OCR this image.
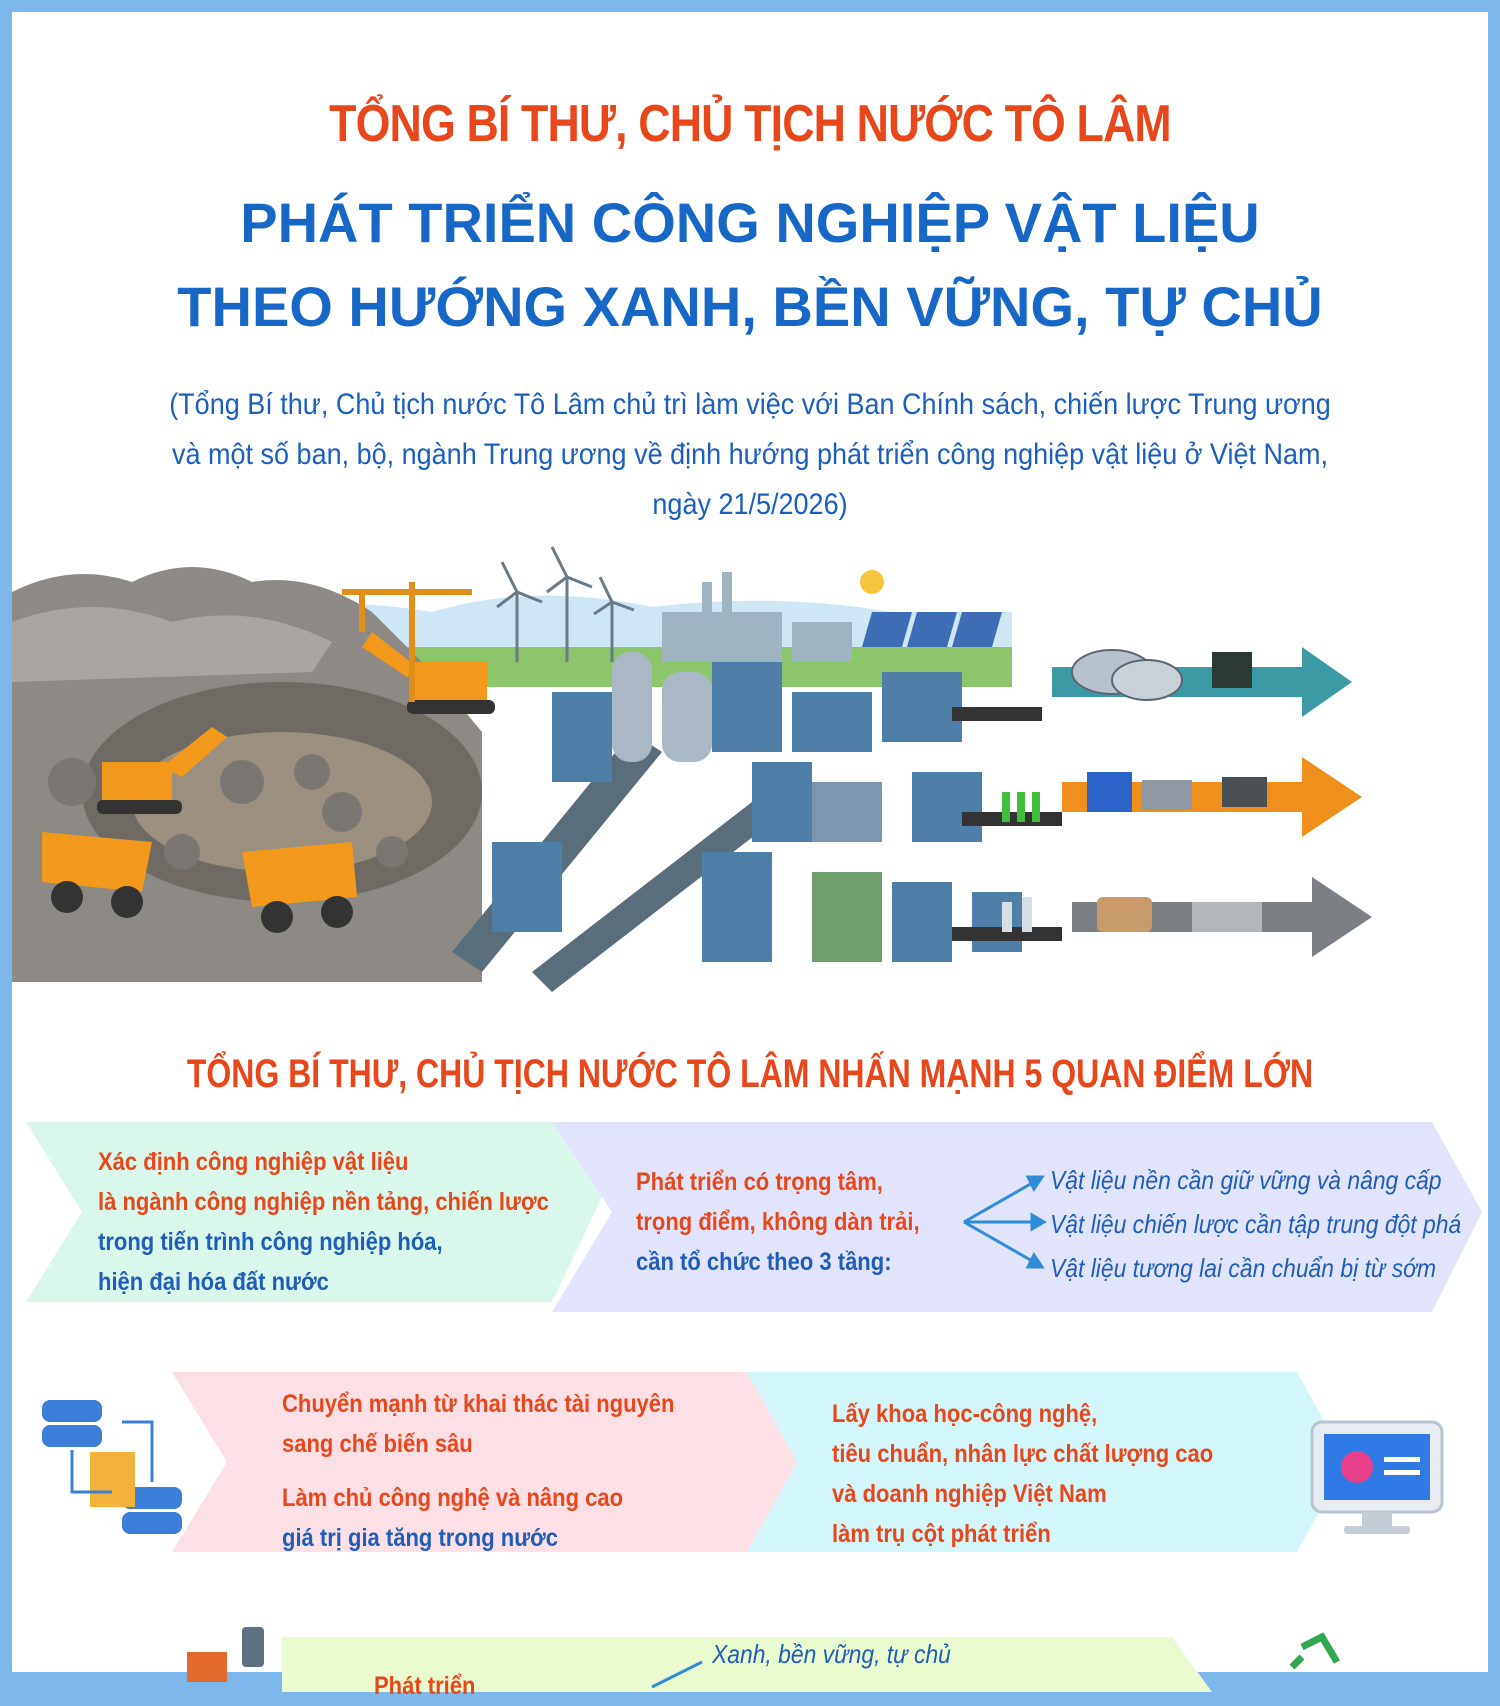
TỔNG BÍ THƯ, CHỦ TỊCH NƯỚC TÔ LÂM
PHÁT TRIỂN CÔNG NGHIỆP VẬT LIỆU
THEO HƯỚNG XANH, BỀN VỮNG, TỰ CHỦ
(Tổng Bí thư, Chủ tịch nước Tô Lâm chủ trì làm việc với Ban Chính sách, chiến lược Trung ương
và một số ban, bộ, ngành Trung ương về định hướng phát triển công nghiệp vật liệu ở Việt Nam,
ngày 21/5/2026)
TỔNG BÍ THƯ, CHỦ TỊCH NƯỚC TÔ LÂM NHẤN MẠNH 5 QUAN ĐIỂM LỚN
Xác định công nghiệp vật liệu
là ngành công nghiệp nền tảng, chiến lược
trong tiến trình công nghiệp hóa,
hiện đại hóa đất nước
Phát triển có trọng tâm,
trọng điểm, không dàn trải,
cần tổ chức theo 3 tầng:
Vật liệu nền cần giữ vững và nâng cấp
Vật liệu chiến lược cần tập trung đột phá
Vật liệu tương lai cần chuẩn bị từ sớm
Chuyển mạnh từ khai thác tài nguyên
sang chế biến sâu
Làm chủ công nghệ và nâng cao
giá trị gia tăng trong nước
Lấy khoa học-công nghệ,
tiêu chuẩn, nhân lực chất lượng cao
và doanh nghiệp Việt Nam
làm trụ cột phát triển
Phát triển
Xanh, bền vững, tự chủ
